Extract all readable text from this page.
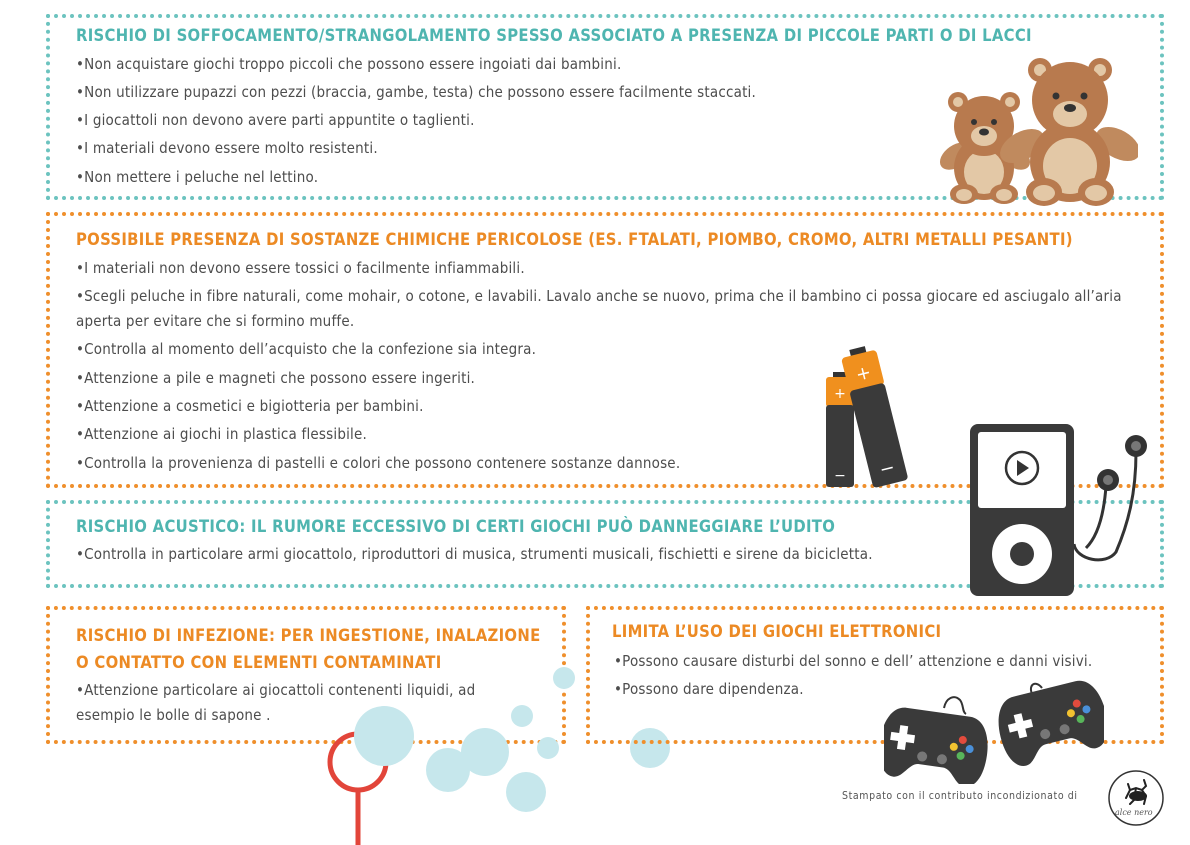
RISCHIO DI SOFFOCAMENTO/STRANGOLAMENTO SPESSO ASSOCIATO A PRESENZA DI PICCOLE PARTI O DI LACCI
•Non acquistare giochi troppo piccoli che possono essere ingoiati dai bambini.
•Non utilizzare pupazzi con pezzi (braccia, gambe, testa) che possono essere facilmente staccati.
•I giocattoli non devono avere parti appuntite o taglienti.
•I materiali devono essere molto resistenti.
•Non mettere i peluche nel lettino.
POSSIBILE PRESENZA DI SOSTANZE CHIMICHE PERICOLOSE (ES. FTALATI, PIOMBO, CROMO, ALTRI METALLI PESANTI)
•I materiali non devono essere tossici o facilmente infiammabili.
•Scegli peluche in fibre naturali, come mohair, o cotone, e lavabili. Lavalo anche se nuovo, prima che il bambino ci possa giocare ed asciugalo all’aria aperta per evitare che si formino muffe.
•Controlla al momento dell’acquisto che la confezione sia integra.
•Attenzione a pile e magneti che possono essere ingeriti.
•Attenzione a cosmetici e bigiotteria per bambini.
•Attenzione ai giochi in plastica flessibile.
•Controlla la provenienza di pastelli e colori che possono contenere sostanze dannose.
+
−
+
−
RISCHIO ACUSTICO: IL RUMORE ECCESSIVO DI CERTI GIOCHI PUÒ DANNEGGIARE L’UDITO
•Controlla in particolare armi giocattolo, riproduttori di musica, strumenti musicali, fischietti e sirene da bicicletta.
RISCHIO DI INFEZIONE: PER INGESTIONE, INALAZIONE
O CONTATTO CON ELEMENTI CONTAMINATI
•Attenzione particolare ai giocattoli contenenti liquidi, ad esempio le bolle di sapone .
LIMITA L’USO DEI GIOCHI ELETTRONICI
•Possono causare disturbi del sonno e dell’ attenzione e danni visivi.
•Possono dare dipendenza.
Stampato con il contributo incondizionato di
alce nero
